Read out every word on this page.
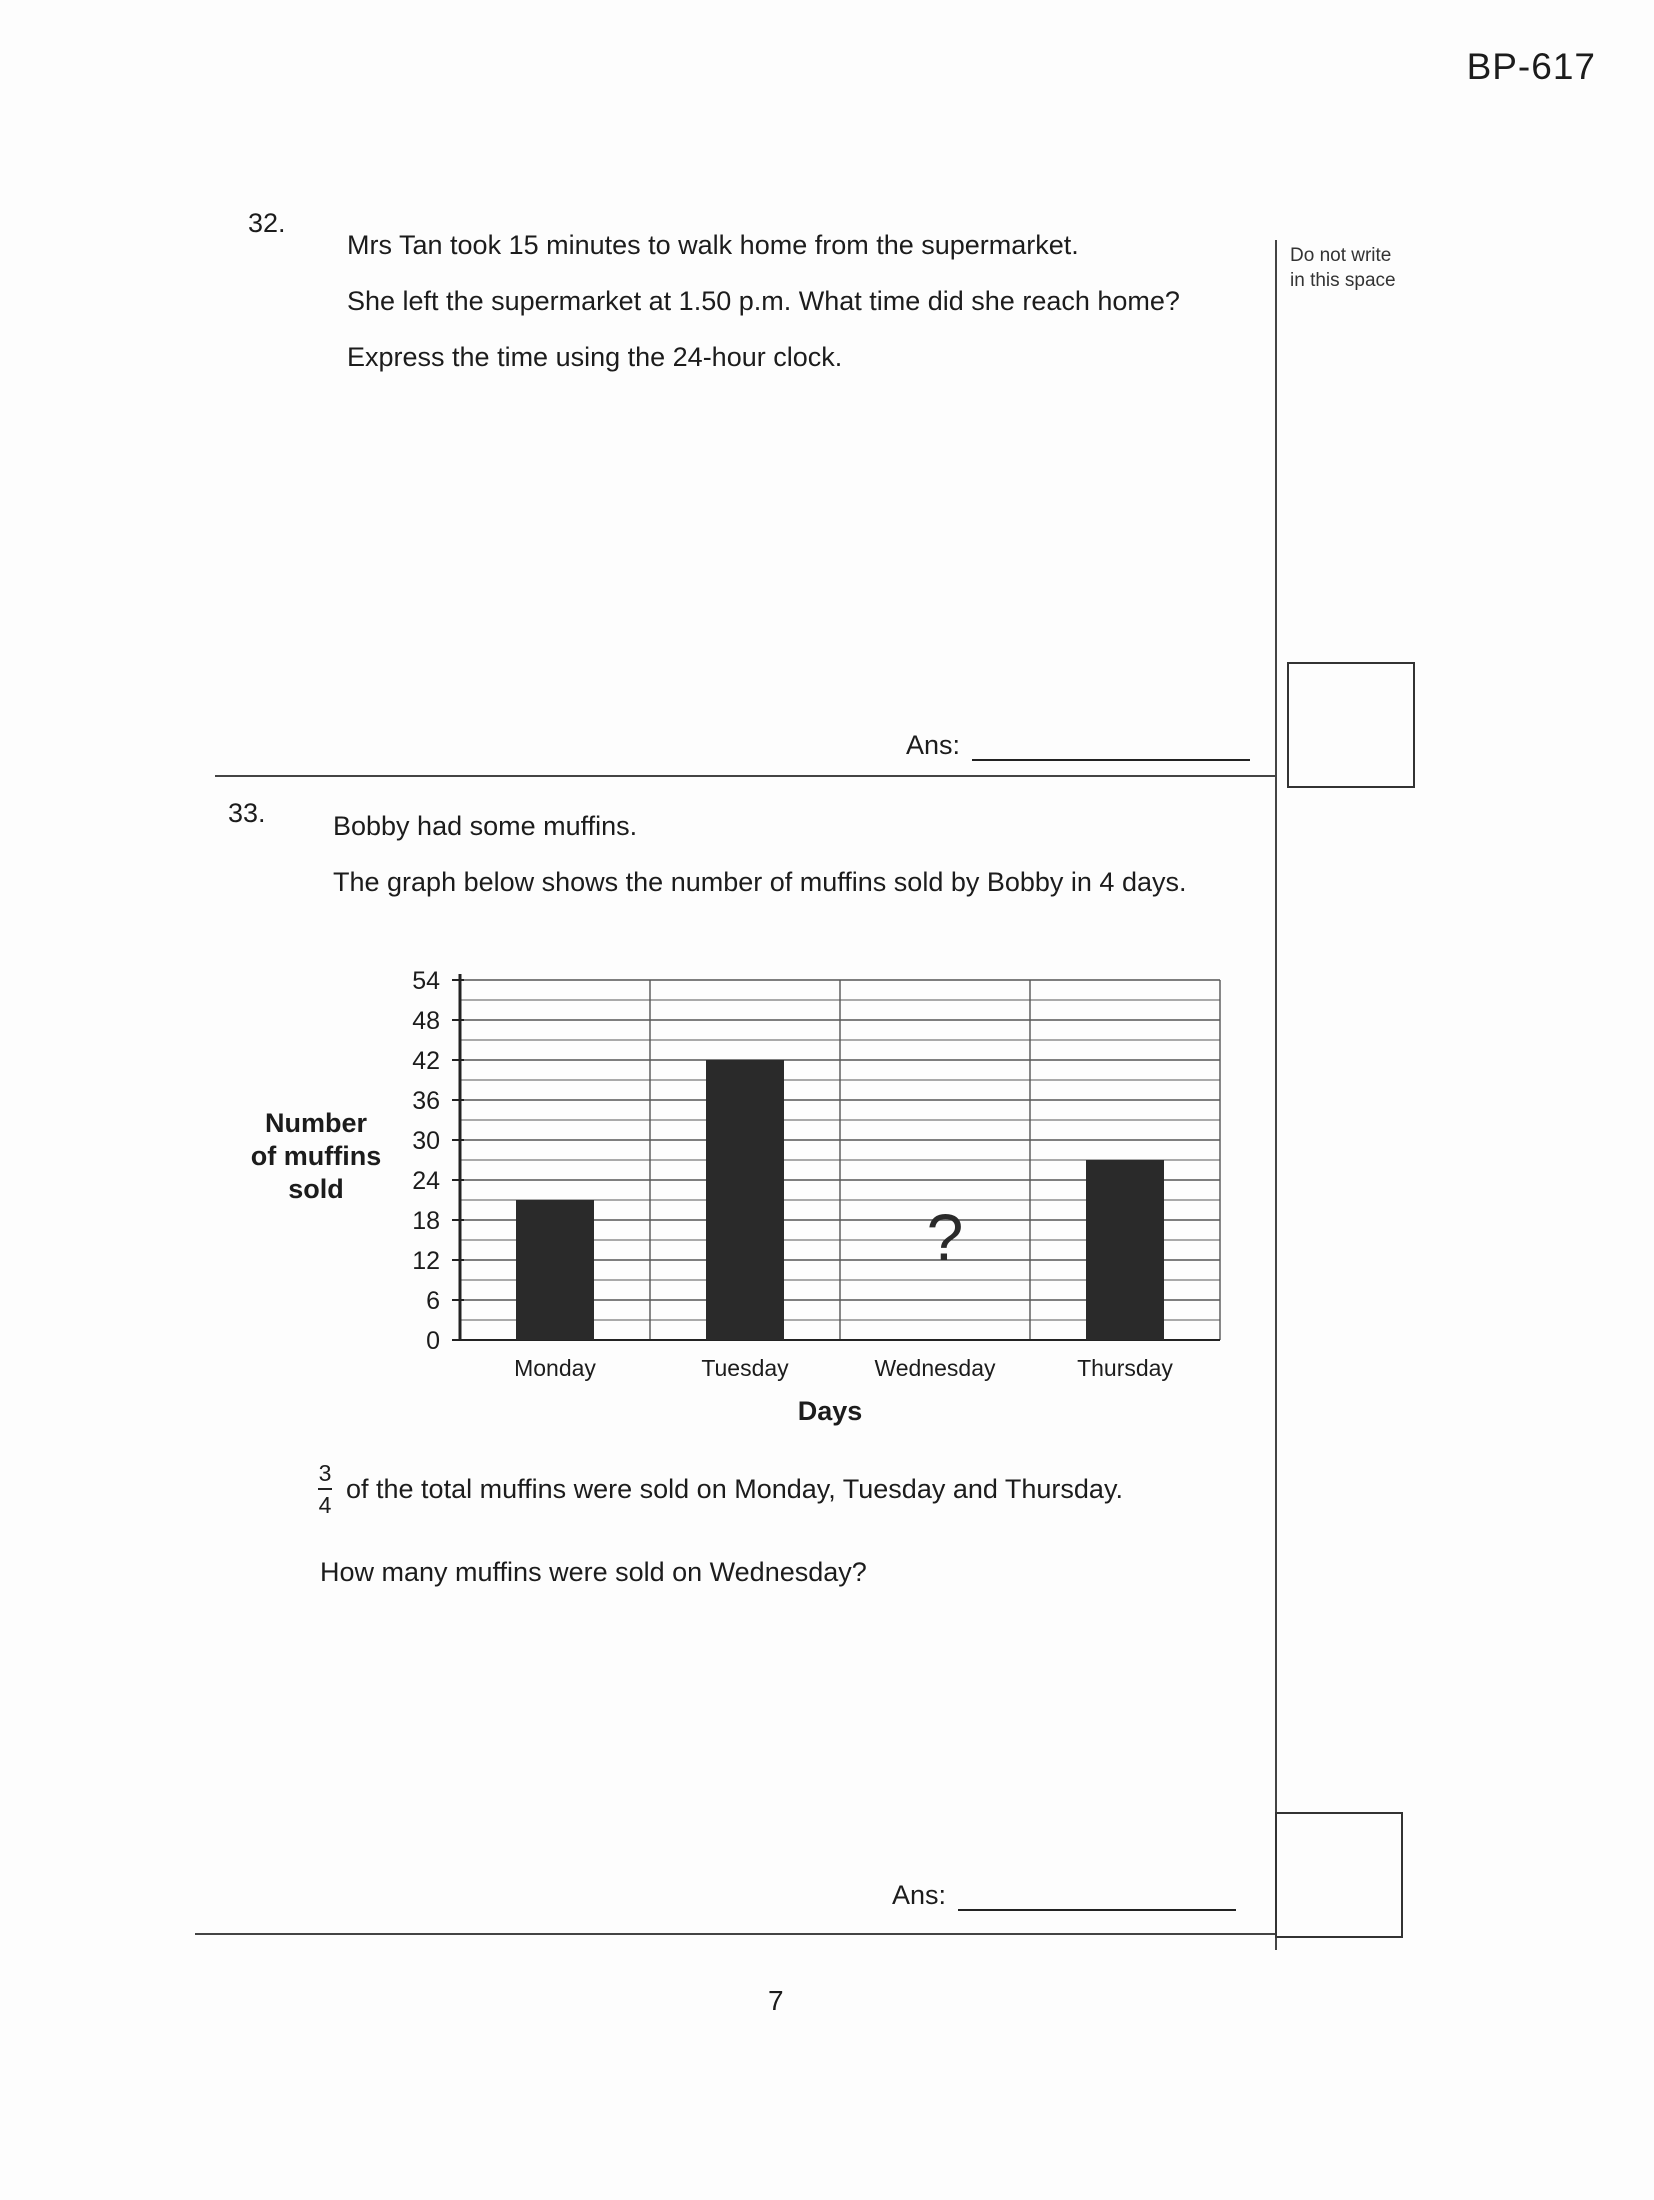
BP-617
Do not write
in this space
32.
Mrs Tan took 15 minutes to walk home from the supermarket.
She left the supermarket at 1.50 p.m. What time did she reach home?
Express the time using the 24-hour clock.
Ans:
33. Bobby had some muffins.
The graph below shows the number of muffins sold by Bobby in 4 days.
0
6
12
18
24
30
36
42
48
54
?
Monday	Tuesday	Wednesday	Thursday
Number of muffins sold
Days
$\frac{3}{4}$ of the total muffins were sold on Monday, Tuesday and Thursday.
How many muffins were sold on Wednesday?
Ans:
7
